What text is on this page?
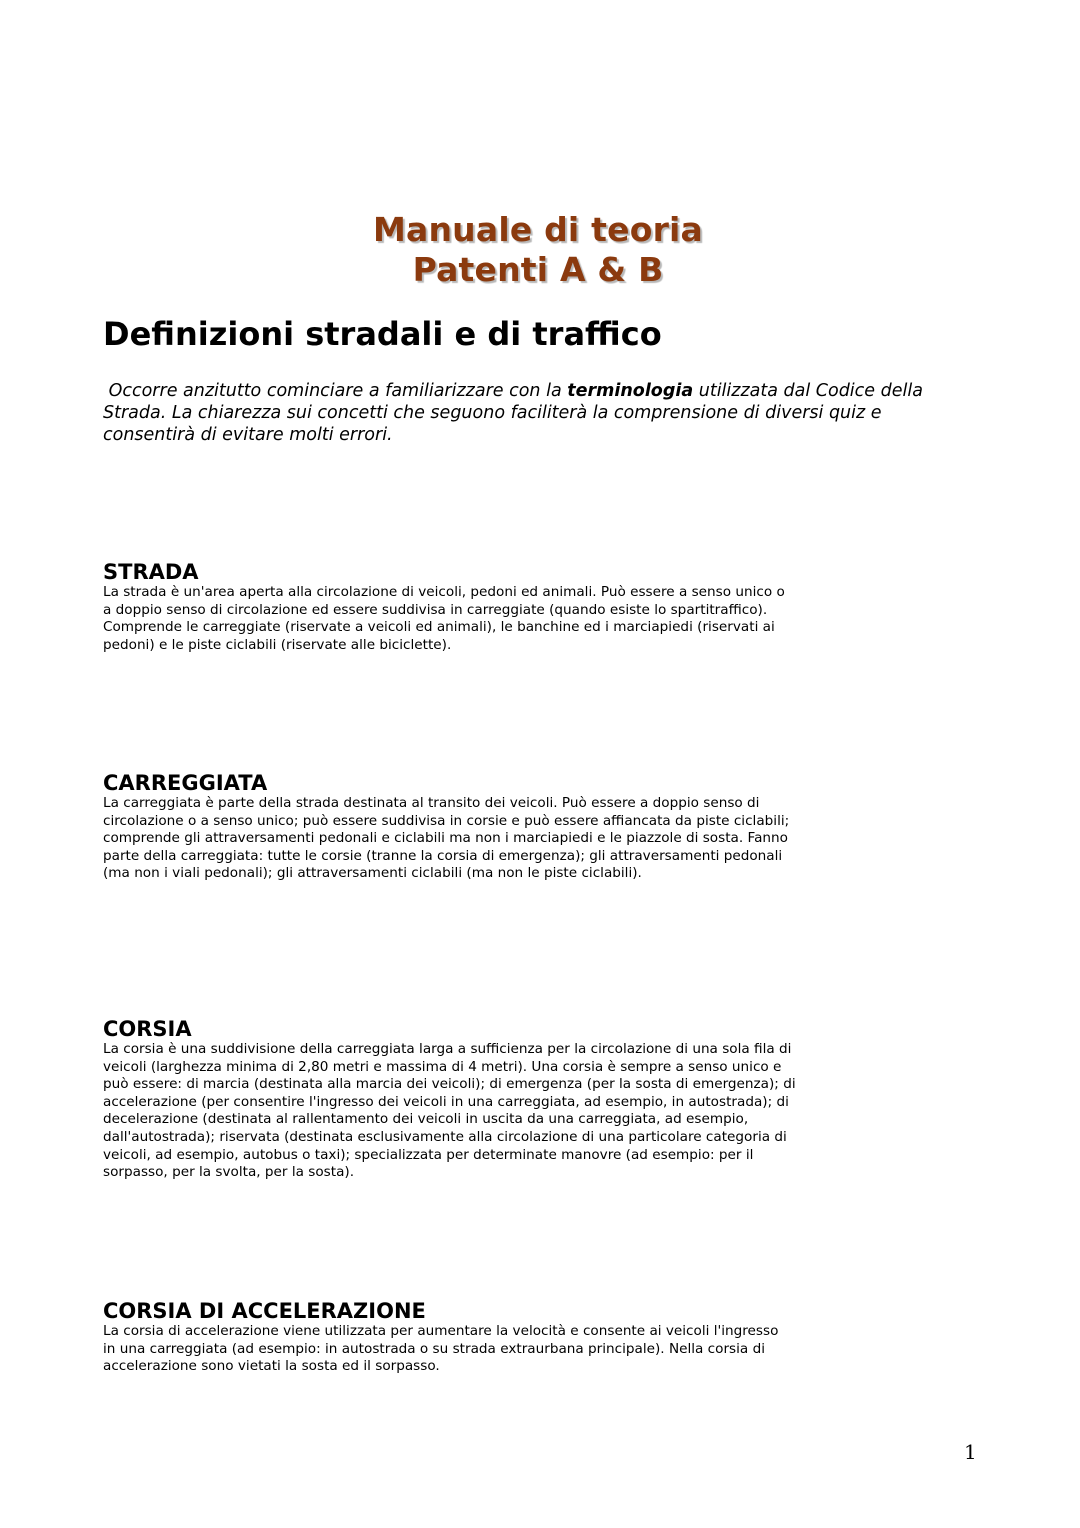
Manuale di teoria
Patenti A & B
Definizioni stradali e di traffico

Occorre anzitutto cominciare a familiarizzare con la terminologia utilizzata dal Codice della Strada. La chiarezza sui concetti che seguono faciliterà la comprensione di diversi quiz e consentirà di evitare molti errori.

STRADA

La strada è un'area aperta alla circolazione di veicoli, pedoni ed animali. Può essere a senso unico o a doppio senso di circolazione ed essere suddivisa in carreggiate (quando esiste lo spartitraffico). Comprende le carreggiate (riservate a veicoli ed animali), le banchine ed i marciapiedi (riservati ai pedoni) e le piste ciclabili (riservate alle biciclette).

CARREGGIATA

La carreggiata è parte della strada destinata al transito dei veicoli. Può essere a doppio senso di circolazione o a senso unico; può essere suddivisa in corsie e può essere affiancata da piste ciclabili; comprende gli attraversamenti pedonali e ciclabili ma non i marciapiedi e le piazzole di sosta. Fanno parte della carreggiata: tutte le corsie (tranne la corsia di emergenza); gli attraversamenti pedonali (ma non i viali pedonali); gli attraversamenti ciclabili (ma non le piste ciclabili).

CORSIA

La corsia è una suddivisione della carreggiata larga a sufficienza per la circolazione di una sola fila di veicoli (larghezza minima di 2,80 metri e massima di 4 metri). Una corsia è sempre a senso unico e può essere: di marcia (destinata alla marcia dei veicoli); di emergenza (per la sosta di emergenza); di accelerazione (per consentire l'ingresso dei veicoli in una carreggiata, ad esempio, in autostrada); di decelerazione (destinata al rallentamento dei veicoli in uscita da una carreggiata, ad esempio, dall'autostrada); riservata (destinata esclusivamente alla circolazione di una particolare categoria di veicoli, ad esempio, autobus o taxi); specializzata per determinate manovre (ad esempio: per il sorpasso, per la svolta, per la sosta).

CORSIA DI ACCELERAZIONE

La corsia di accelerazione viene utilizzata per aumentare la velocità e consente ai veicoli l'ingresso in una carreggiata (ad esempio: in autostrada o su strada extraurbana principale). Nella corsia di accelerazione sono vietati la sosta ed il sorpasso.

1
